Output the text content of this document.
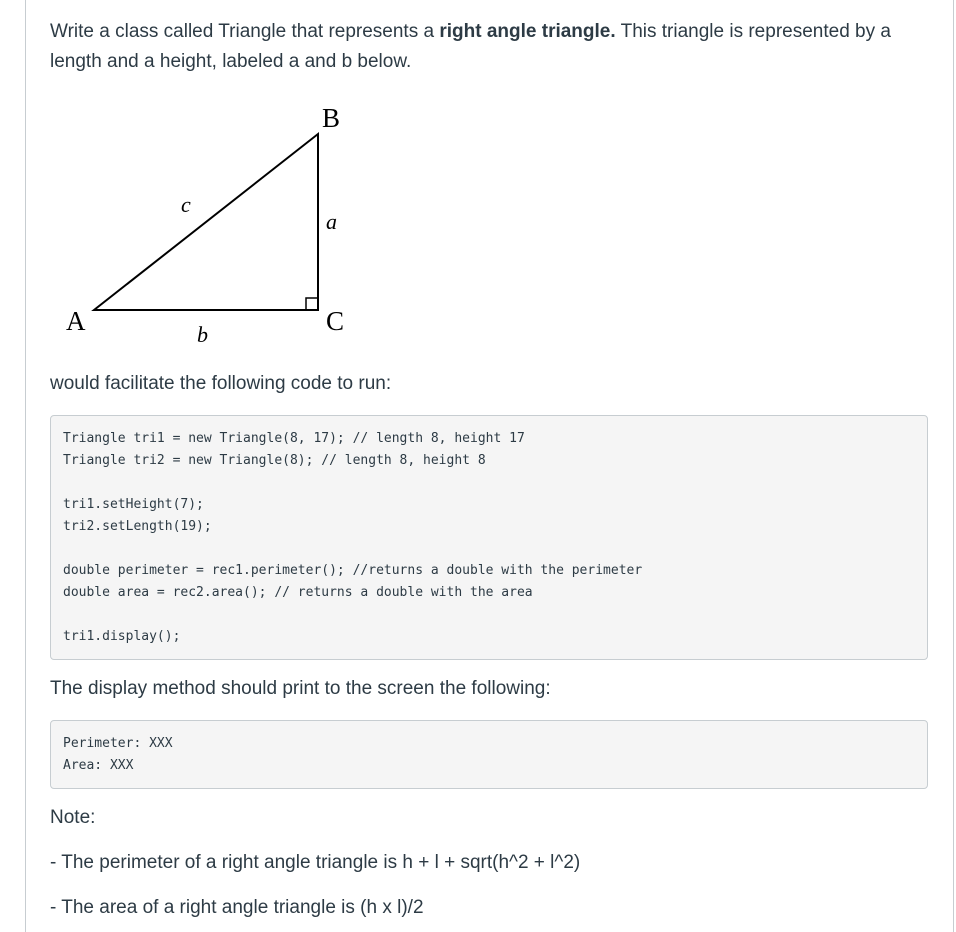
Write a class called Triangle that represents a right angle triangle. This triangle is represented by a length and a height, labeled a and b below.

B
c
a
A	C
b

would facilitate the following code to run:

Triangle tri1 = new Triangle(8, 17); // length 8, height 17
Triangle tri2 = new Triangle(8); // length 8, height 8
tri1.setHeight(7);
tri2.setLength(19);
double perimeter = rec1.perimeter(); //returns a double with the perimeter
double area = rec2.area(); // returns a double with the area
tri1.display();

The display method should print to the screen the following:

Perimeter: XXX
Area: XXX

Note:

- The perimeter of a right angle triangle is h + l + sqrt(h^2 + l^2)

- The area of a right angle triangle is (h x l)/2
